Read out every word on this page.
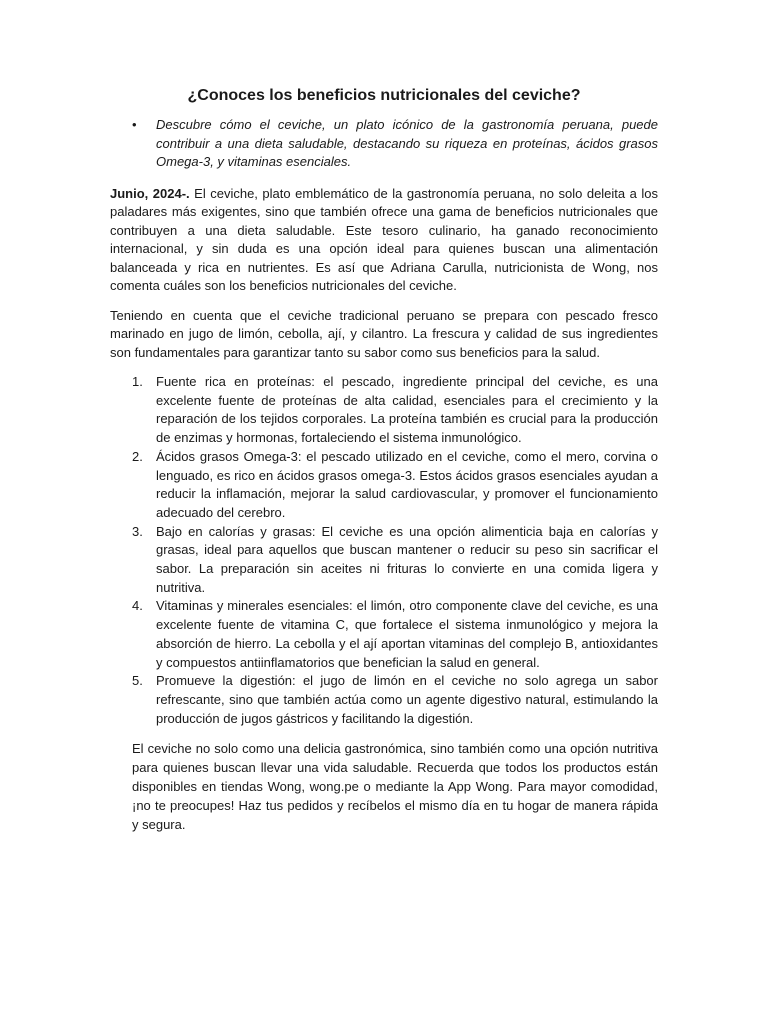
¿Conoces los beneficios nutricionales del ceviche?
• Descubre cómo el ceviche, un plato icónico de la gastronomía peruana, puede contribuir a una dieta saludable, destacando su riqueza en proteínas, ácidos grasos Omega-3, y vitaminas esenciales.

Junio, 2024-. El ceviche, plato emblemático de la gastronomía peruana, no solo deleita a los paladares más exigentes, sino que también ofrece una gama de beneficios nutricionales que contribuyen a una dieta saludable. Este tesoro culinario, ha ganado reconocimiento internacional, y sin duda es una opción ideal para quienes buscan una alimentación balanceada y rica en nutrientes. Es así que Adriana Carulla, nutricionista de Wong, nos comenta cuáles son los beneficios nutricionales del ceviche.

Teniendo en cuenta que el ceviche tradicional peruano se prepara con pescado fresco marinado en jugo de limón, cebolla, ají, y cilantro. La frescura y calidad de sus ingredientes son fundamentales para garantizar tanto su sabor como sus beneficios para la salud.

1. Fuente rica en proteínas: el pescado, ingrediente principal del ceviche, es una excelente fuente de proteínas de alta calidad, esenciales para el crecimiento y la reparación de los tejidos corporales. La proteína también es crucial para la producción de enzimas y hormonas, fortaleciendo el sistema inmunológico.
2. Ácidos grasos Omega-3: el pescado utilizado en el ceviche, como el mero, corvina o lenguado, es rico en ácidos grasos omega-3. Estos ácidos grasos esenciales ayudan a reducir la inflamación, mejorar la salud cardiovascular, y promover el funcionamiento adecuado del cerebro.
3. Bajo en calorías y grasas: El ceviche es una opción alimenticia baja en calorías y grasas, ideal para aquellos que buscan mantener o reducir su peso sin sacrificar el sabor. La preparación sin aceites ni frituras lo convierte en una comida ligera y nutritiva.
4. Vitaminas y minerales esenciales: el limón, otro componente clave del ceviche, es una excelente fuente de vitamina C, que fortalece el sistema inmunológico y mejora la absorción de hierro. La cebolla y el ají aportan vitaminas del complejo B, antioxidantes y compuestos antiinflamatorios que benefician la salud en general.
5. Promueve la digestión: el jugo de limón en el ceviche no solo agrega un sabor refrescante, sino que también actúa como un agente digestivo natural, estimulando la producción de jugos gástricos y facilitando la digestión.

El ceviche no solo como una delicia gastronómica, sino también como una opción nutritiva para quienes buscan llevar una vida saludable. Recuerda que todos los productos están disponibles en tiendas Wong, wong.pe o mediante la App Wong. Para mayor comodidad, ¡no te preocupes! Haz tus pedidos y recíbelos el mismo día en tu hogar de manera rápida y segura.
